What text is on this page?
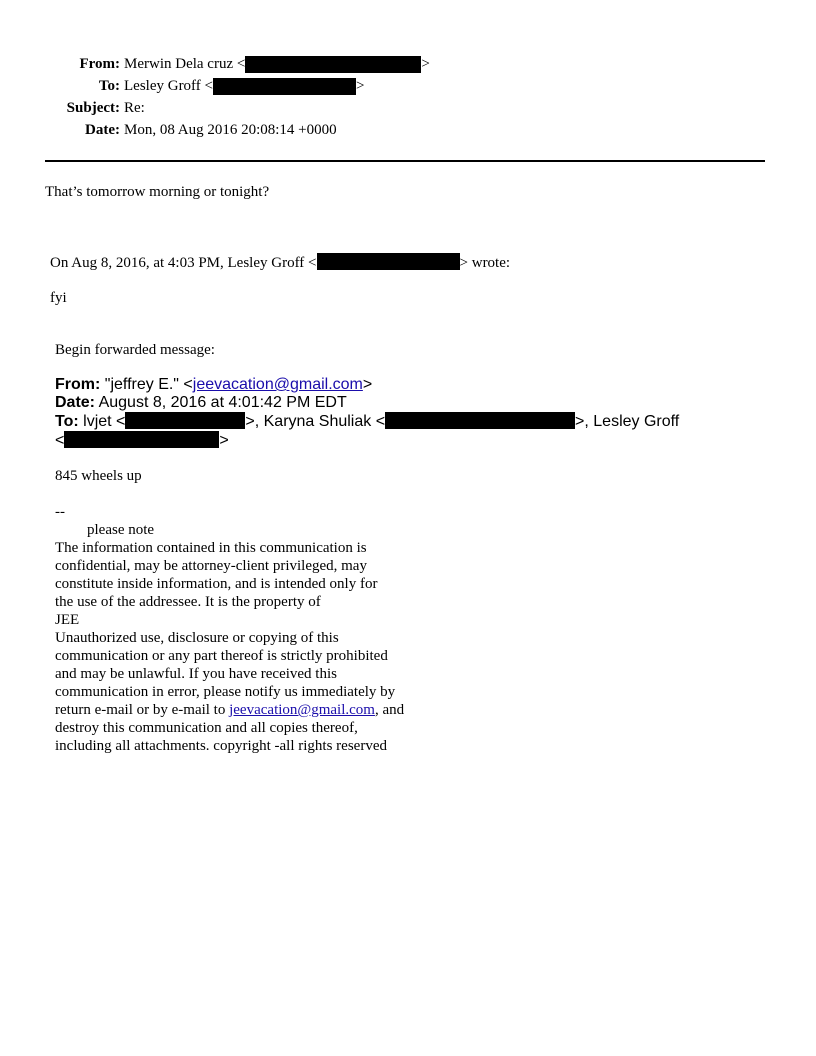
From: Merwin Dela cruz <	>
To: Lesley Groff <	>
Subject: Re:
Date: Mon, 08 Aug 2016 20:08:14 +0000
That’s tomorrow morning or tonight?
On Aug 8, 2016, at 4:03 PM, Lesley Groff <	> wrote:
fyi
Begin forwarded message:
From: "jeffrey E." <jeevacation@gmail.com>
Date: August 8, 2016 at 4:01:42 PM EDT
To: lvjet <	>, Karyna Shuliak <	>, Lesley Groff
<	>
845 wheels up
--
please note
The information contained in this communication is
confidential, may be attorney-client privileged, may
constitute inside information, and is intended only for
the use of the addressee. It is the property of
JEE
Unauthorized use, disclosure or copying of this
communication or any part thereof is strictly prohibited
and may be unlawful. If you have received this
communication in error, please notify us immediately by
return e-mail or by e-mail to jeevacation@gmail.com, and
destroy this communication and all copies thereof,
including all attachments. copyright -all rights reserved
